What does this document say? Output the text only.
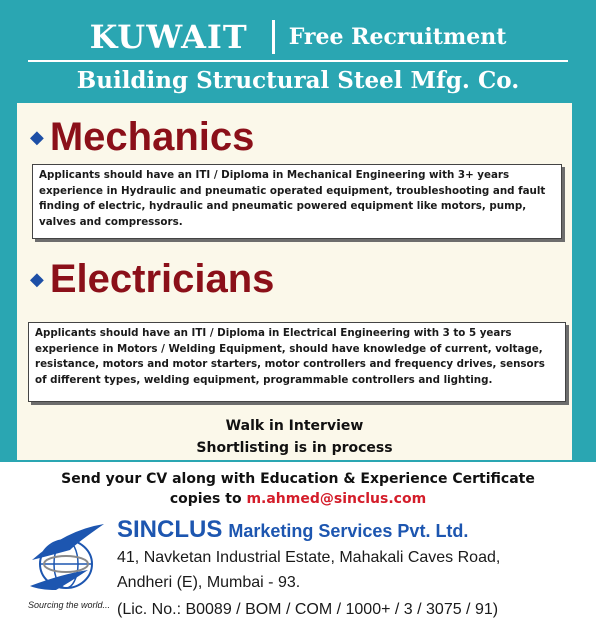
KUWAIT Free Recruitment
Building Structural Steel Mfg. Co.
◆ Mechanics
Applicants should have an ITI / Diploma in Mechanical Engineering with 3+ years experience in Hydraulic and pneumatic operated equipment, troubleshooting and fault finding of electric, hydraulic and pneumatic powered equipment like motors, pump, valves and compressors.
◆ Electricians
Applicants should have an ITI / Diploma in Electrical Engineering with 3 to 5 years experience in Motors / Welding Equipment, should have knowledge of current, voltage, resistance, motors and motor starters, motor controllers and frequency drives, sensors of different types, welding equipment, programmable controllers and lighting.
Walk in Interview
Shortlisting is in process
Send your CV along with Education & Experience Certificate
copies to m.ahmed@sinclus.com
Sourcing the world...
SINCLUS Marketing Services Pvt. Ltd.
41, Navketan Industrial Estate, Mahakali Caves Road,
Andheri (E), Mumbai - 93.
(Lic. No.: B0089 / BOM / COM / 1000+ / 3 / 3075 / 91)
